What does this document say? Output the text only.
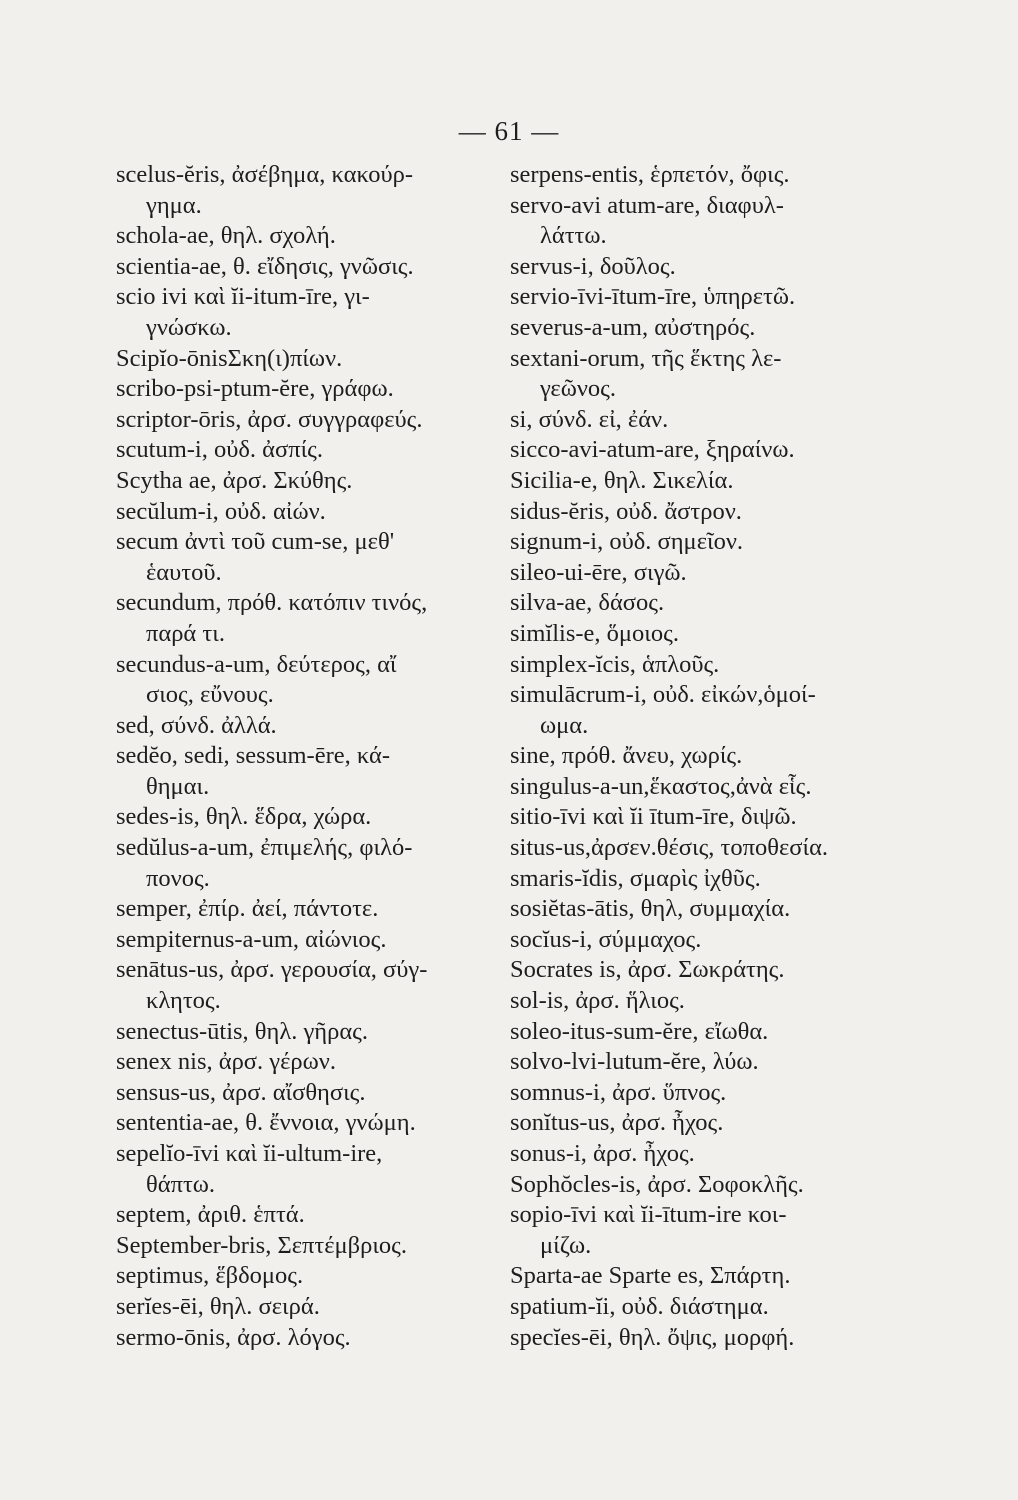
— 61 —
scelus-ĕris, ἀσέβημα, κακούρ-
γημα.
schola-ae, θηλ. σχολή.
scientia-ae, θ. εἴδησις, γνῶσις.
scio ivi καὶ ĭi-itum-īre, γι-
γνώσκω.
Scipĭo-ōnisΣκη(ι)πίων.
scribo-psi-ptum-ĕre, γράφω.
scriptor-ōris, ἀρσ. συγγραφεύς.
scutum-i, οὐδ. ἀσπίς.
Scytha ae, ἀρσ. Σκύθης.
secŭlum-i, οὐδ. αἰών.
secum ἀντὶ τοῦ cum-se, μεθ'
ἑαυτοῦ.
secundum, πρόθ. κατόπιν τινός,
παρά τι.
secundus-a-um, δεύτερος, αἴ
σιος, εὔνους.
sed, σύνδ. ἀλλά.
sedĕo, sedi, sessum-ēre, κά-
θημαι.
sedes-is, θηλ. ἕδρα, χώρα.
sedŭlus-a-um, ἐπιμελής, φιλό-
πονος.
semper, ἐπίρ. ἀεί, πάντοτε.
sempiternus-a-um, αἰώνιος.
senātus-us, ἀρσ. γερουσία, σύγ-
κλητος.
senectus-ūtis, θηλ. γῆρας.
senex nis, ἀρσ. γέρων.
sensus-us, ἀρσ. αἴσθησις.
sententia-ae, θ. ἔννοια, γνώμη.
sepelĭo-īvi καὶ ĭi-ultum-ire,
θάπτω.
septem, ἀριθ. ἑπτά.
September-bris, Σεπτέμβριος.
septimus, ἕβδομος.
serĭes-ēi, θηλ. σειρά.
sermo-ōnis, ἀρσ. λόγος.
serpens-entis, ἑρπετόν, ὄφις.
servo-avi atum-are, διαφυλ-
λάττω.
servus-i, δοῦλος.
servio-īvi-ītum-īre, ὑπηρετῶ.
severus-a-um, αὐστηρός.
sextani-orum, τῆς ἕκτης λε-
γεῶνος.
si, σύνδ. εἰ, ἐάν.
sicco-avi-atum-are, ξηραίνω.
Sicilia-e, θηλ. Σικελία.
sidus-ĕris, οὐδ. ἄστρον.
signum-i, οὐδ. σημεῖον.
sileo-ui-ēre, σιγῶ.
silva-ae, δάσος.
simĭlis-e, ὅμοιος.
simplex-ĭcis, ἁπλοῦς.
simulācrum-i, οὐδ. εἰκών,ὁμοί-
ωμα.
sine, πρόθ. ἄνευ, χωρίς.
singulus-a-un,ἕκαστος,ἀνὰ εἷς.
sitio-īvi καὶ ĭi ītum-īre, διψῶ.
situs-us,ἀρσεν.θέσις, τοποθεσία.
smaris-ĭdis, σμαρὶς ἰχθῦς.
sosiĕtas-ātis, θηλ, συμμαχία.
socĭus-i, σύμμαχος.
Socrates is, ἀρσ. Σωκράτης.
sol-is, ἀρσ. ἥλιος.
soleo-itus-sum-ĕre, εἴωθα.
solvo-lvi-lutum-ĕre, λύω.
somnus-i, ἀρσ. ὕπνος.
sonĭtus-us, ἀρσ. ἦχος.
sonus-i, ἀρσ. ἦχος.
Sophŏcles-is, ἀρσ. Σοφοκλῆς.
sopio-īvi καὶ ĭi-ītum-ire κοι-
μίζω.
Sparta-ae Sparte es, Σπάρτη.
spatium-ĭi, οὐδ. διάστημα.
specĭes-ēi, θηλ. ὄψις, μορφή.
